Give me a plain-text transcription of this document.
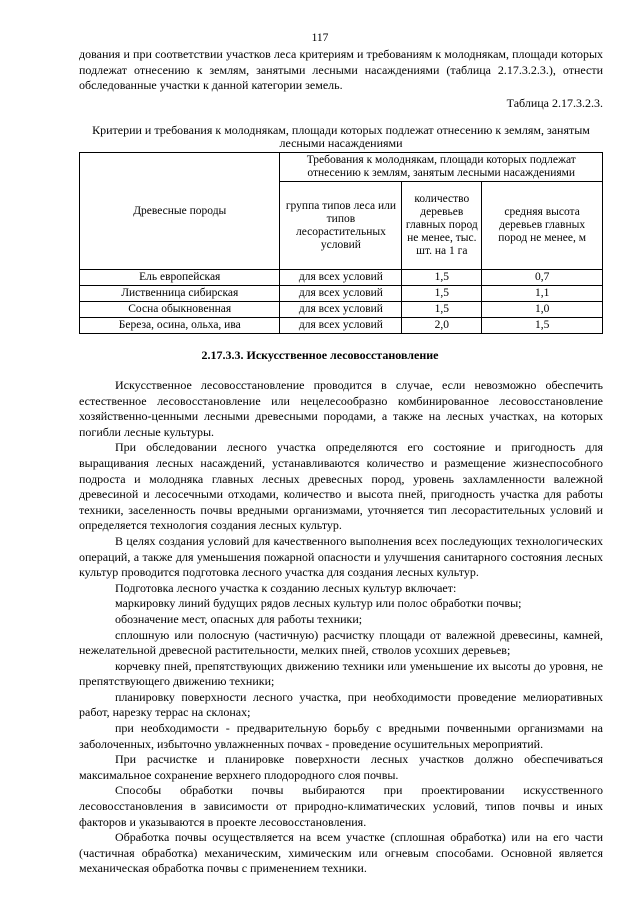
117
дования и при соответствии участков леса критериям и требованиям к молоднякам, площади которых подлежат отнесению к землям, занятыми лесными насаждениями (таблица 2.17.3.2.3.), отнести обследованные участки к данной категории земель.
Таблица 2.17.3.2.3.
Критерии и требования к молоднякам, площади которых подлежат отнесению к землям, занятым лесными насаждениями
Древесные породы	Требования к молоднякам, площади которых подлежат отнесению к землям, занятым лесными насаждениями		
	группа типов леса или типов лесорастительных условий	количество деревьев главных пород не менее, тыс. шт. на 1 га	средняя высота деревьев главных пород не менее, м
Ель европейская	для всех условий	1,5	0,7
Лиственница сибирская	для всех условий	1,5	1,1
Сосна обыкновенная	для всех условий	1,5	1,0
Береза, осина, ольха, ива	для всех условий	2,0	1,5
2.17.3.3. Искусственное лесовосстановление

Искусственное лесовосстановление проводится в случае, если невозможно обеспечить естественное лесовосстановление или нецелесообразно комбинированное лесовосстановление хозяйственно-ценными лесными древесными породами, а также на лесных участках, на которых погибли лесные культуры.

При обследовании лесного участка определяются его состояние и пригодность для выращивания лесных насаждений, устанавливаются количество и размещение жизнеспособного подроста и молодняка главных лесных древесных пород, уровень захламленности валежной древесиной и лесосечными отходами, количество и высота пней, пригодность участка для работы техники, заселенность почвы вредными организмами, уточняется тип лесорастительных условий и определяется технология создания лесных культур.

В целях создания условий для качественного выполнения всех последующих технологических операций, а также для уменьшения пожарной опасности и улучшения санитарного состояния лесных культур проводится подготовка лесного участка для создания лесных культур.

Подготовка лесного участка к созданию лесных культур включает:

маркировку линий будущих рядов лесных культур или полос обработки почвы;

обозначение мест, опасных для работы техники;

сплошную или полосную (частичную) расчистку площади от валежной древесины, камней, нежелательной древесной растительности, мелких пней, стволов усохших деревьев;

корчевку пней, препятствующих движению техники или уменьшение их высоты до уровня, не препятствующего движению техники;

планировку поверхности лесного участка, при необходимости проведение мелиоративных работ, нарезку террас на склонах;

при необходимости - предварительную борьбу с вредными почвенными организмами на заболоченных, избыточно увлажненных почвах - проведение осушительных мероприятий.

При расчистке и планировке поверхности лесных участков должно обеспечиваться максимальное сохранение верхнего плодородного слоя почвы.

Способы обработки почвы выбираются при проектировании искусственного лесовосстановления в зависимости от природно-климатических условий, типов почвы и иных факторов и указываются в проекте лесовосстановления.

Обработка почвы осуществляется на всем участке (сплошная обработка) или на его части (частичная обработка) механическим, химическим или огневым способами. Основной является механическая обработка почвы с применением техники.
